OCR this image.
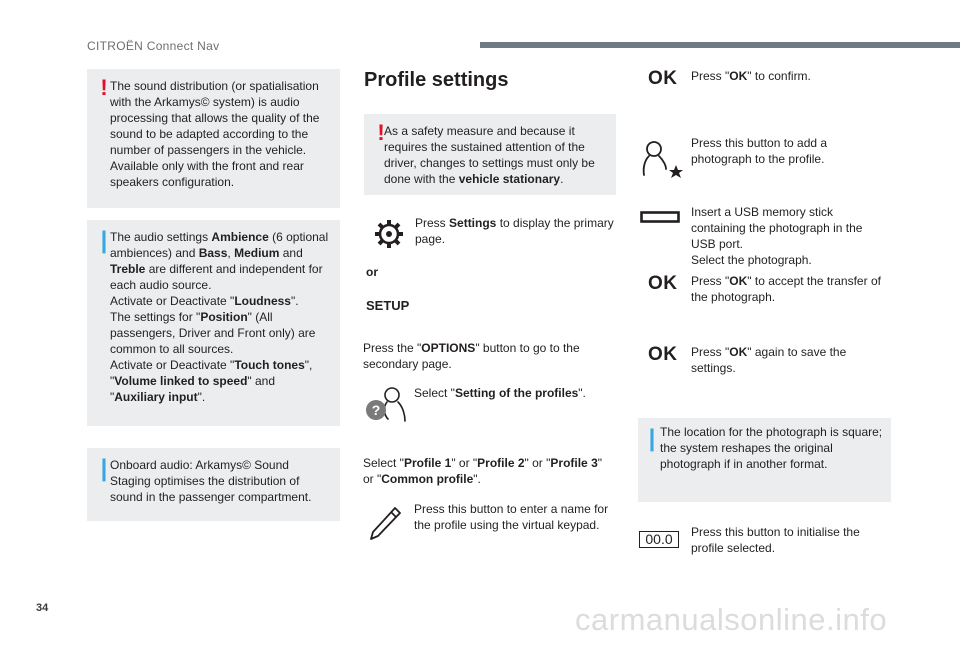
CITROËN Connect Nav
! The sound distribution (or spatialisation with the Arkamys© system) is audio processing that allows the quality of the sound to be adapted according to the number of passengers in the vehicle. Available only with the front and rear speakers configuration.
| The audio settings Ambience (6 optional ambiences) and Bass, Medium and Treble are different and independent for each audio source.
Activate or Deactivate "Loudness".
The settings for "Position" (All passengers, Driver and Front only) are common to all sources.
Activate or Deactivate "Touch tones", "Volume linked to speed" and "Auxiliary input".
| Onboard audio: Arkamys© Sound Staging optimises the distribution of sound in the passenger compartment.
Profile settings
! As a safety measure and because it requires the sustained attention of the driver, changes to settings must only be done with the vehicle stationary.
Press Settings to display the primary page.
or
SETUP
Press the "OPTIONS" button to go to the secondary page.
?
Select "Setting of the profiles".
Select "Profile 1" or "Profile 2" or "Profile 3" or "Common profile".
Press this button to enter a name for the profile using the virtual keypad.
OK Press "OK" to confirm.
Press this button to add a photograph to the profile.
Insert a USB memory stick containing the photograph in the USB port.
Select the photograph.
OK Press "OK" to accept the transfer of the photograph.
OK Press "OK" again to save the settings.
| The location for the photograph is square; the system reshapes the original photograph if in another format.
00.0	Press this button to initialise the profile selected.
34	carmanualsonline.info
